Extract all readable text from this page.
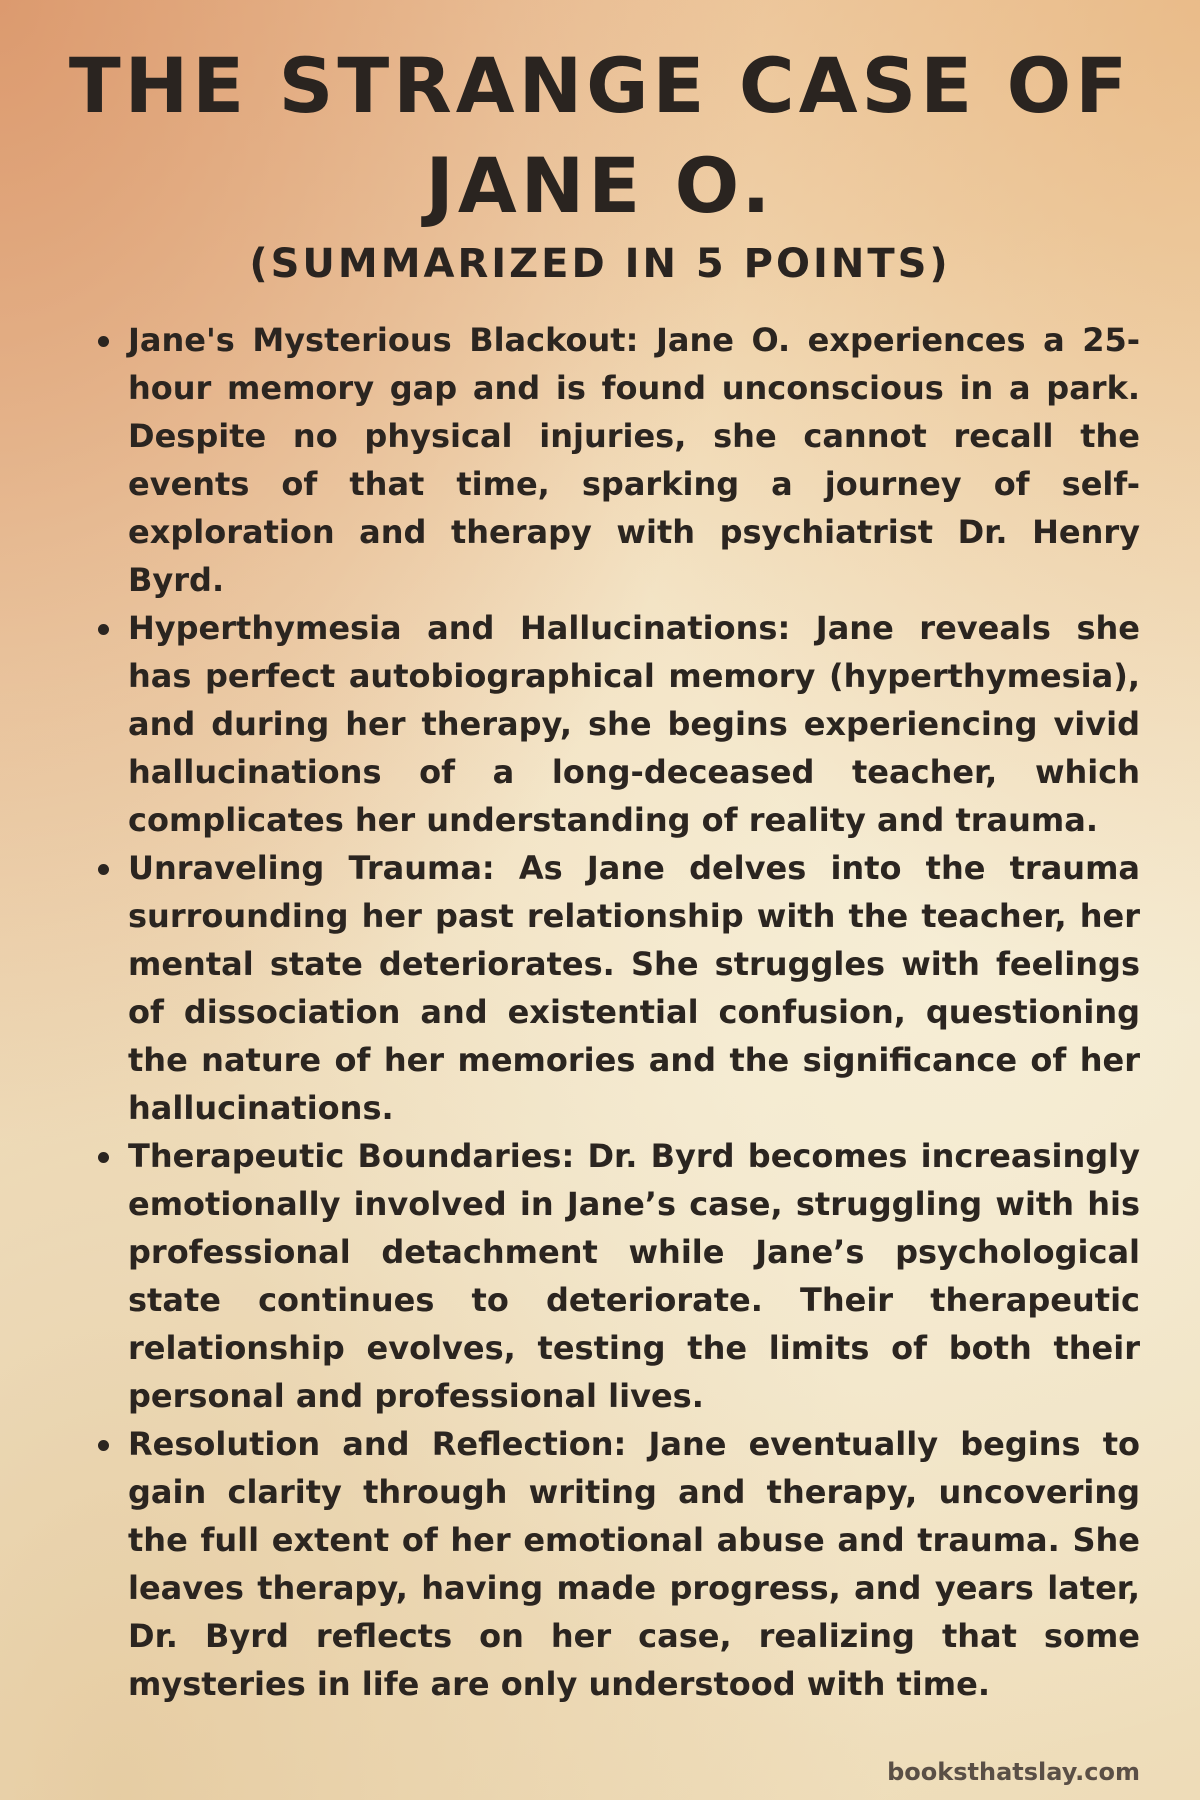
THE STRANGE CASE OF
JANE O.
(SUMMARIZED IN 5 POINTS)
Jane's Mysterious Blackout: Jane O. experiences a 25-hour memory gap and is found unconscious in a park. Despite no physical injuries, she cannot recall the events of that time, sparking a journey of self-exploration and therapy with psychiatrist Dr. Henry Byrd.
Hyperthymesia and Hallucinations: Jane reveals she has perfect autobiographical memory (hyperthymesia), and during her therapy, she begins experiencing vivid hallucinations of a long-deceased teacher, which complicates her understanding of reality and trauma.
Unraveling Trauma: As Jane delves into the trauma surrounding her past relationship with the teacher, her mental state deteriorates. She struggles with feelings of dissociation and existential confusion, questioning the nature of her memories and the significance of her hallucinations.
Therapeutic Boundaries: Dr. Byrd becomes increasingly emotionally involved in Jane’s case, struggling with his professional detachment while Jane’s psychological state continues to deteriorate. Their therapeutic relationship evolves, testing the limits of both their personal and professional lives.
Resolution and Reflection: Jane eventually begins to gain clarity through writing and therapy, uncovering the full extent of her emotional abuse and trauma. She leaves therapy, having made progress, and years later, Dr. Byrd reflects on her case, realizing that some mysteries in life are only understood with time.

booksthatslay.com
